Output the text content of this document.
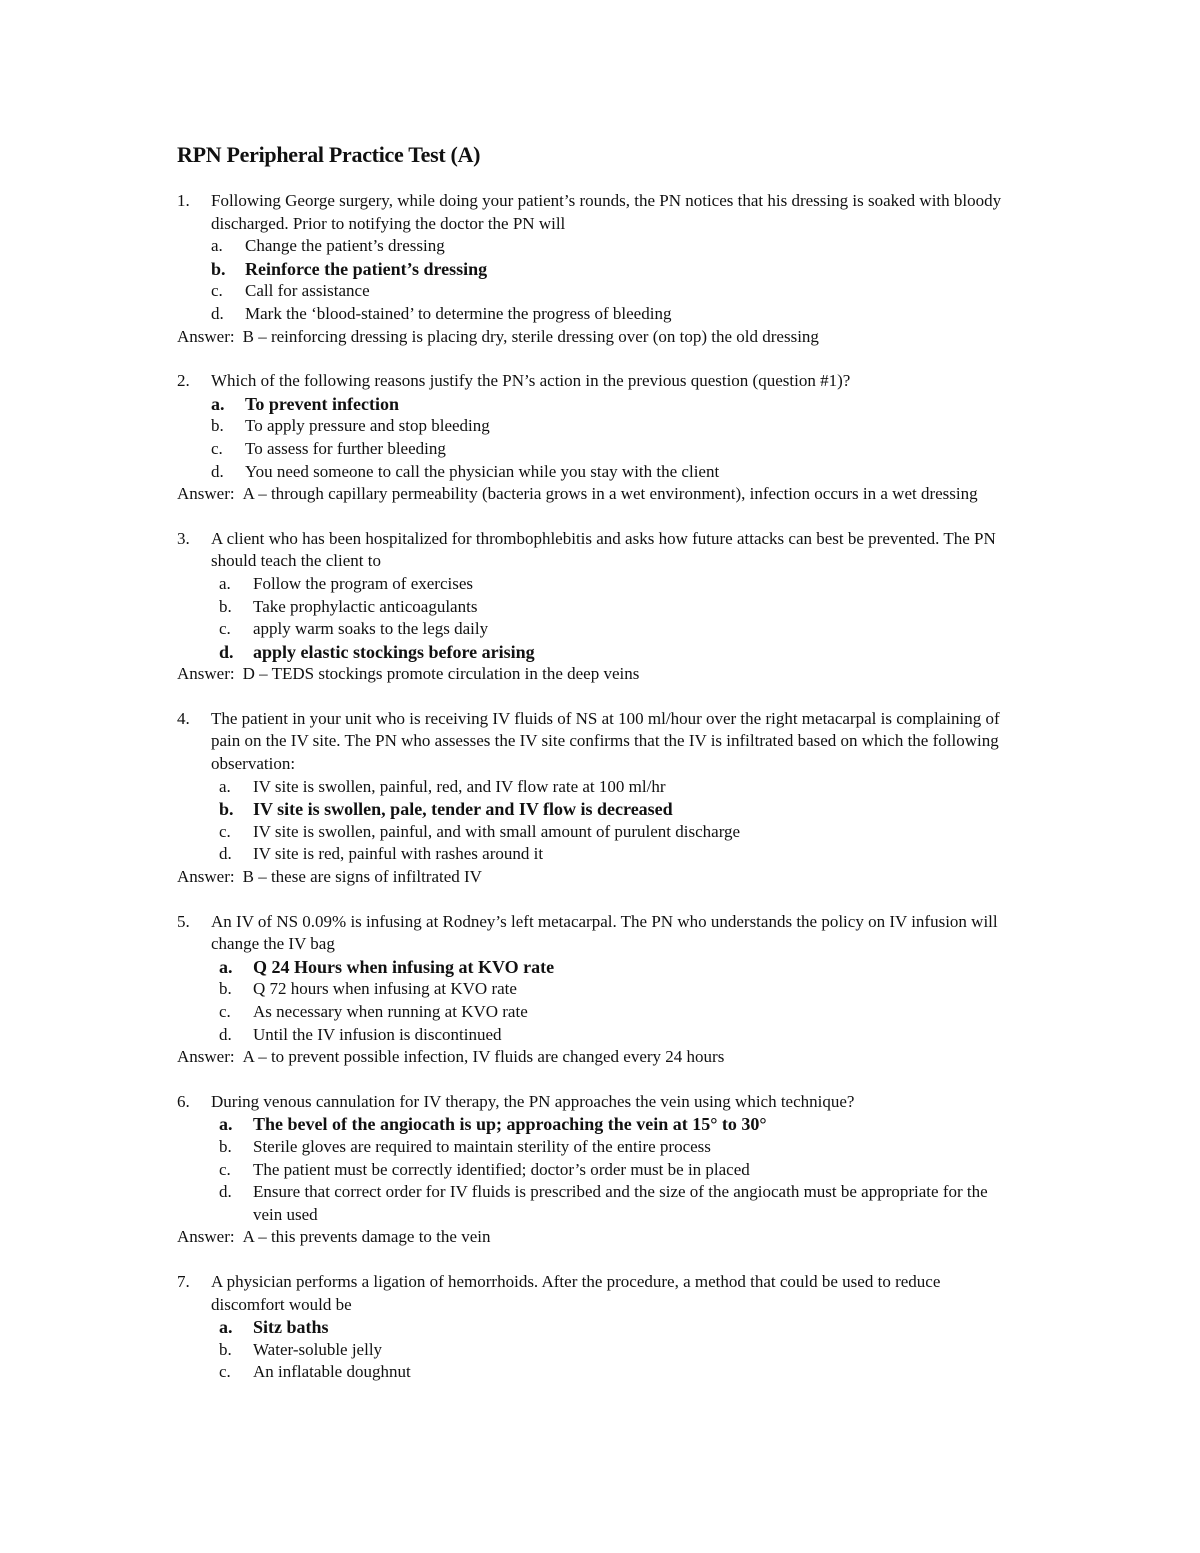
RPN Peripheral Practice Test (A)
1.	Following George surgery, while doing your patient’s rounds, the PN notices that his dressing is soaked with bloody discharged. Prior to notifying the doctor the PN will
a.	Change the patient’s dressing
b.	Reinforce the patient’s dressing
c.	Call for assistance
d.	Mark the ‘blood-stained’ to determine the progress of bleeding
Answer: B – reinforcing dressing is placing dry, sterile dressing over (on top) the old dressing
2.	Which of the following reasons justify the PN’s action in the previous question (question #1)?
a.	To prevent infection
b.	To apply pressure and stop bleeding
c.	To assess for further bleeding
d.	You need someone to call the physician while you stay with the client
Answer: A – through capillary permeability (bacteria grows in a wet environment), infection occurs in a wet dressing
3.	A client who has been hospitalized for thrombophlebitis and asks how future attacks can best be prevented. The PN should teach the client to
a.	Follow the program of exercises
b.	Take prophylactic anticoagulants
c.	apply warm soaks to the legs daily
d.	apply elastic stockings before arising
Answer: D – TEDS stockings promote circulation in the deep veins
4.	The patient in your unit who is receiving IV fluids of NS at 100 ml/hour over the right metacarpal is complaining of pain on the IV site. The PN who assesses the IV site confirms that the IV is infiltrated based on which the following observation:
a.	IV site is swollen, painful, red, and IV flow rate at 100 ml/hr
b.	IV site is swollen, pale, tender and IV flow is decreased
c.	IV site is swollen, painful, and with small amount of purulent discharge
d.	IV site is red, painful with rashes around it
Answer: B – these are signs of infiltrated IV
5.	An IV of NS 0.09% is infusing at Rodney’s left metacarpal. The PN who understands the policy on IV infusion will change the IV bag
a.	Q 24 Hours when infusing at KVO rate
b.	Q 72 hours when infusing at KVO rate
c.	As necessary when running at KVO rate
d.	Until the IV infusion is discontinued
Answer: A – to prevent possible infection, IV fluids are changed every 24 hours
6.	During venous cannulation for IV therapy, the PN approaches the vein using which technique?
a.	The bevel of the angiocath is up; approaching the vein at 15° to 30°
b.	Sterile gloves are required to maintain sterility of the entire process
c.	The patient must be correctly identified; doctor’s order must be in placed
d.	Ensure that correct order for IV fluids is prescribed and the size of the angiocath must be appropriate for the vein used
Answer: A – this prevents damage to the vein
7.	A physician performs a ligation of hemorrhoids. After the procedure, a method that could be used to reduce discomfort would be
a.	Sitz baths
b.	Water-soluble jelly
c.	An inflatable doughnut
